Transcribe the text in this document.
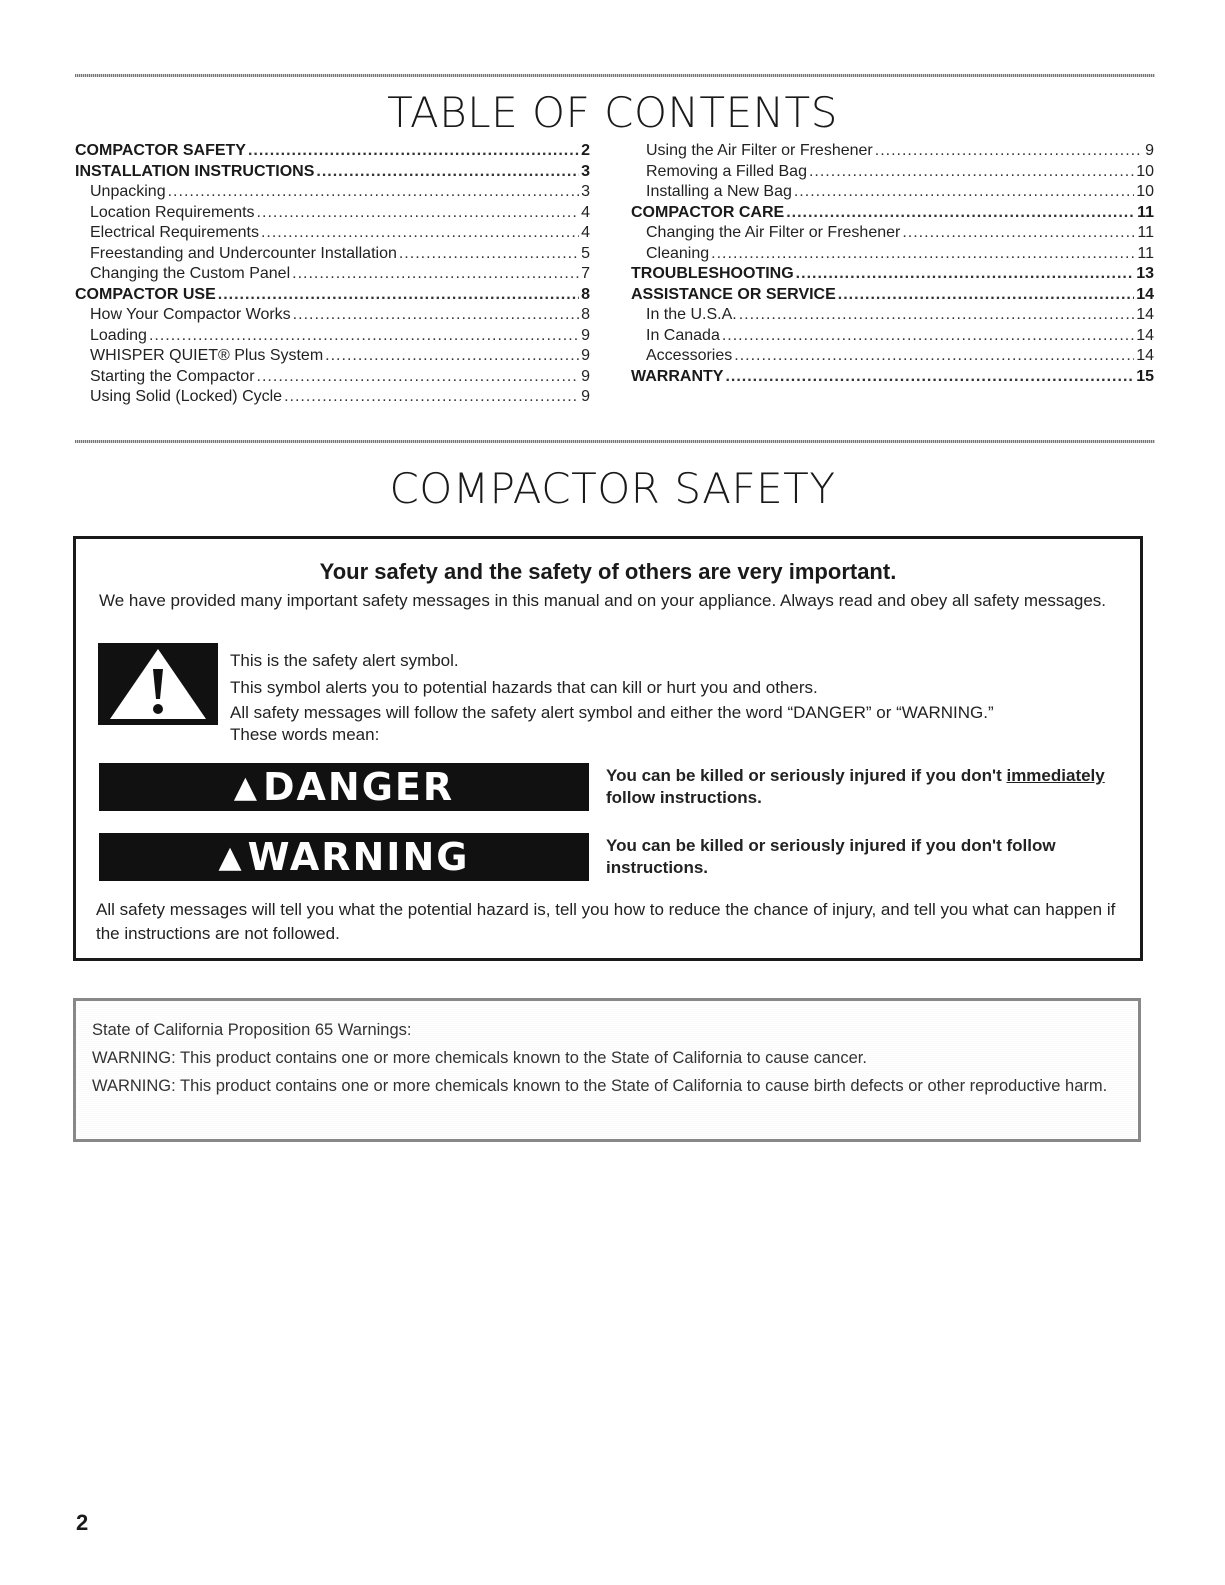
TABLE OF CONTENTS
COMPACTOR SAFETY .....	2
INSTALLATION INSTRUCTIONS .....	3
Unpacking .....	3
Location Requirements .....	4
Electrical Requirements .....	4
Freestanding and Undercounter Installation .....	5
Changing the Custom Panel .....	7
COMPACTOR USE .....	8
How Your Compactor Works .....	8
Loading .....	9
WHISPER QUIET® Plus System .....	9
Starting the Compactor .....	9
Using Solid (Locked) Cycle .....	9
Using the Air Filter or Freshener .....	9
Removing a Filled Bag .....	10
Installing a New Bag .....	10
COMPACTOR CARE .....	11
Changing the Air Filter or Freshener .....	11
Cleaning .....	11
TROUBLESHOOTING .....	13
ASSISTANCE OR SERVICE .....	14
In the U.S.A. .....	14
In Canada .....	14
Accessories .....	14
WARRANTY .....	15
COMPACTOR SAFETY
Your safety and the safety of others are very important.
We have provided many important safety messages in this manual and on your appliance. Always read and obey all safety messages.
This is the safety alert symbol.
This symbol alerts you to potential hazards that can kill or hurt you and others.
All safety messages will follow the safety alert symbol and either the word “DANGER” or “WARNING.”
These words mean:
▲ DANGER	You can be killed or seriously injured if you don't immediately follow instructions.
▲ WARNING	You can be killed or seriously injured if you don't follow instructions.
All safety messages will tell you what the potential hazard is, tell you how to reduce the chance of injury, and tell you what can happen if the instructions are not followed.
State of California Proposition 65 Warnings:
WARNING: This product contains one or more chemicals known to the State of California to cause cancer.
WARNING: This product contains one or more chemicals known to the State of California to cause birth defects or other reproductive harm.
2
